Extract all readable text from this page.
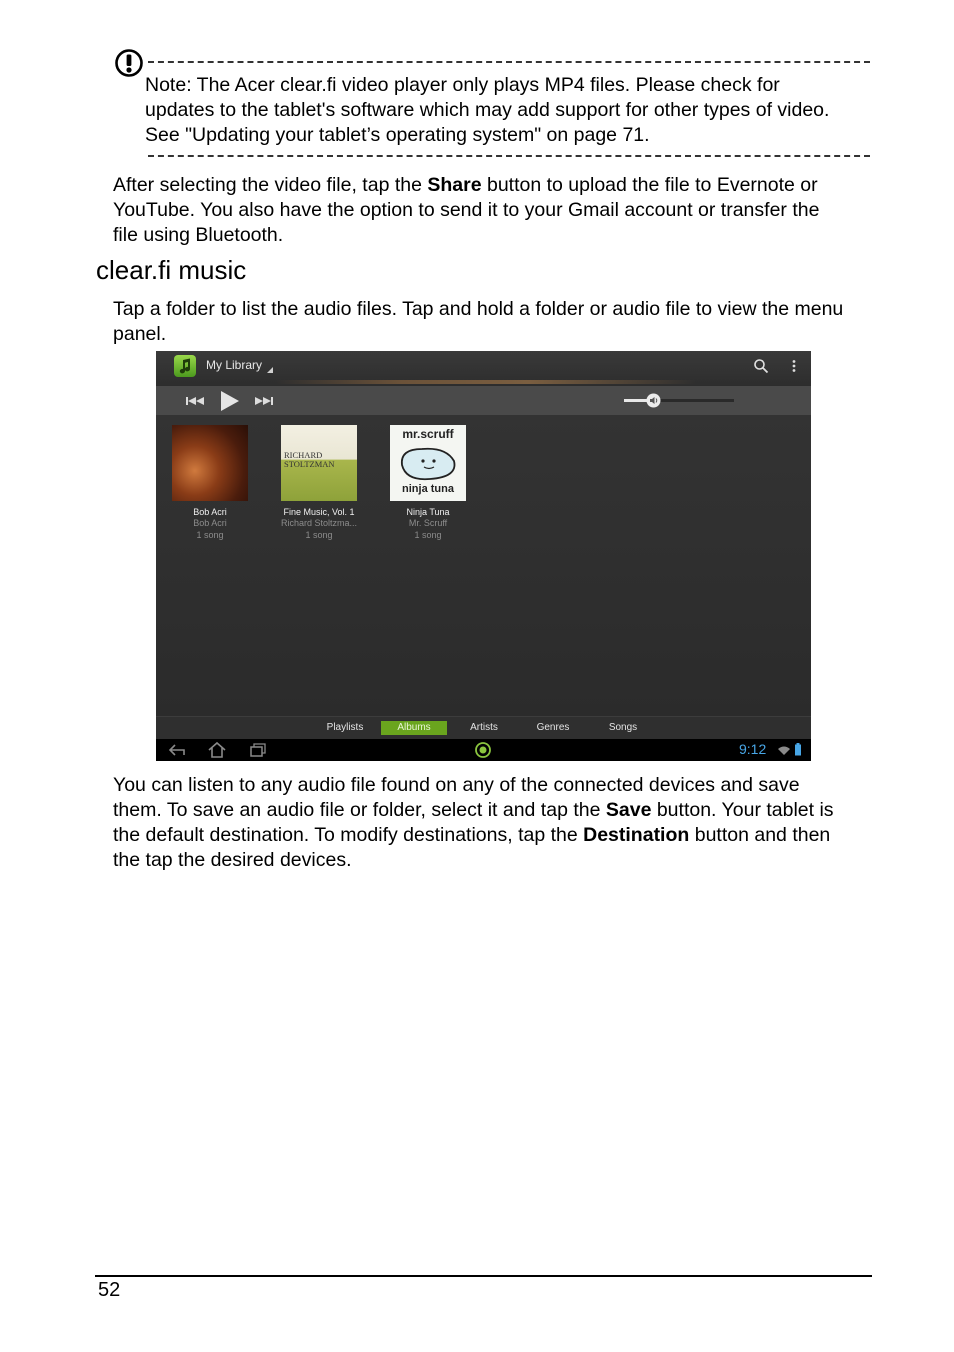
Note: The Acer clear.fi video player only plays MP4 files. Please check for
updates to the tablet's software which may add support for other types of video.
See "Updating your tablet’s operating system" on page 71.
After selecting the video file, tap the Share button to upload the file to Evernote or
YouTube. You also have the option to send it to your Gmail account or transfer the
file using Bluetooth.
clear.fi music
Tap a folder to list the audio files. Tap and hold a folder or audio file to view the menu
panel.
My Library
Bob Acri
Bob Acri
1 song
RICHARD STOLTZMAN
Fine Music, Vol. 1
Richard Stoltzma...
1 song
mr.scruff
ninja tuna
Ninja Tuna
Mr. Scruff
1 song
Playlists	Albums	Artists	Genres	Songs
9:12
You can listen to any audio file found on any of the connected devices and save
them. To save an audio file or folder, select it and tap the Save button. Your tablet is
the default destination. To modify destinations, tap the Destination button and then
the tap the desired devices.
52
